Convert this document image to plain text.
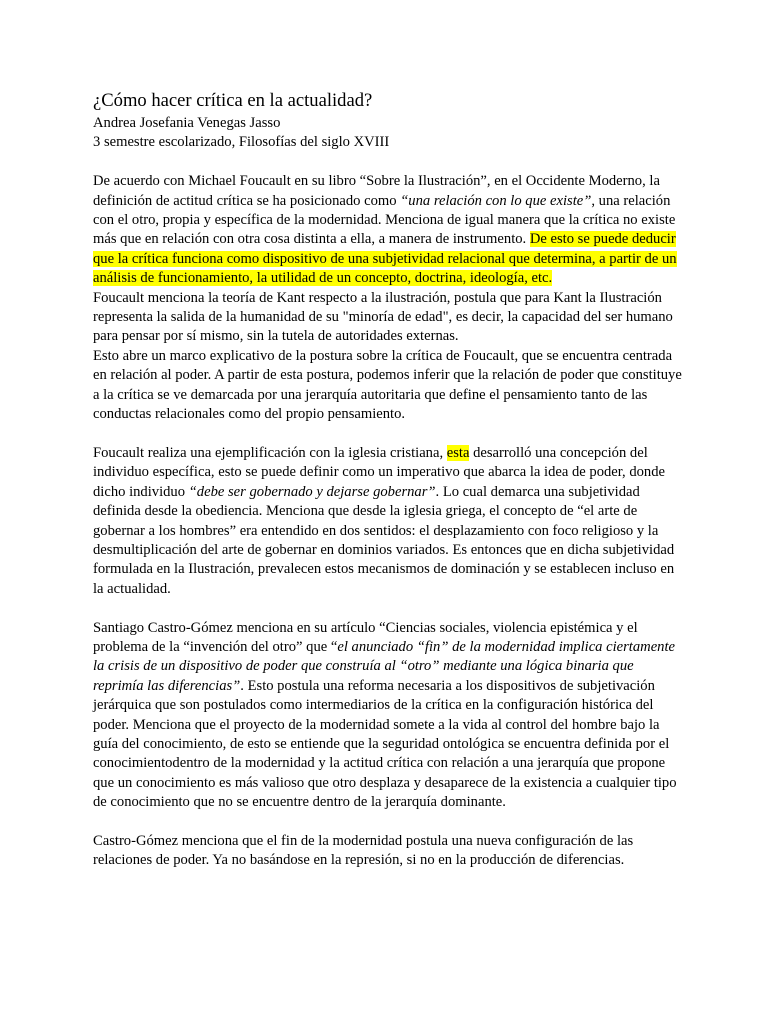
¿Cómo hacer crítica en la actualidad?

Andrea Josefania Venegas Jasso

3 semestre escolarizado, Filosofías del siglo XVIII

De acuerdo con Michael Foucault en su libro “Sobre la Ilustración”, en el Occidente Moderno, la definición de actitud crítica se ha posicionado como “una relación con lo que existe”, una relación con el otro, propia y específica de la modernidad. Menciona de igual manera que la crítica no existe más que en relación con otra cosa distinta a ella, a manera de instrumento. De esto se puede deducir que la crítica funciona como dispositivo de una subjetividad relacional que determina, a partir de un análisis de funcionamiento, la utilidad de un concepto, doctrina, ideología, etc.

Foucault menciona la teoría de Kant respecto a la ilustración, postula que para Kant la Ilustración representa la salida de la humanidad de su "minoría de edad", es decir, la capacidad del ser humano para pensar por sí mismo, sin la tutela de autoridades externas.

Esto abre un marco explicativo de la postura sobre la crítica de Foucault, que se encuentra centrada en relación al poder. A partir de esta postura, podemos inferir que la relación de poder que constituye a la crítica se ve demarcada por una jerarquía autoritaria que define el pensamiento tanto de las conductas relacionales como del propio pensamiento.

Foucault realiza una ejemplificación con la iglesia cristiana, esta desarrolló una concepción del individuo específica, esto se puede definir como un imperativo que abarca la idea de poder, donde dicho individuo “debe ser gobernado y dejarse gobernar”. Lo cual demarca una subjetividad definida desde la obediencia. Menciona que desde la iglesia griega, el concepto de “el arte de gobernar a los hombres” era entendido en dos sentidos: el desplazamiento con foco religioso y la desmultiplicación del arte de gobernar en dominios variados. Es entonces que en dicha subjetividad formulada en la Ilustración, prevalecen estos mecanismos de dominación y se establecen incluso en la actualidad.

Santiago Castro-Gómez menciona en su artículo “Ciencias sociales, violencia epistémica y el problema de la “invención del otro” que “el anunciado “fin” de la modernidad implica ciertamente la crisis de un dispositivo de poder que construía al “otro” mediante una lógica binaria que reprimía las diferencias”. Esto postula una reforma necesaria a los dispositivos de subjetivación jerárquica que son postulados como intermediarios de la crítica en la configuración histórica del poder. Menciona que el proyecto de la modernidad somete a la vida al control del hombre bajo la guía del conocimiento, de esto se entiende que la seguridad ontológica se encuentra definida por el conocimientodentro de la modernidad y la actitud crítica con relación a una jerarquía que propone que un conocimiento es más valioso que otro desplaza y desaparece de la existencia a cualquier tipo de conocimiento que no se encuentre dentro de la jerarquía dominante.

Castro-Gómez menciona que el fin de la modernidad postula una nueva configuración de las relaciones de poder. Ya no basándose en la represión, si no en la producción de diferencias.
